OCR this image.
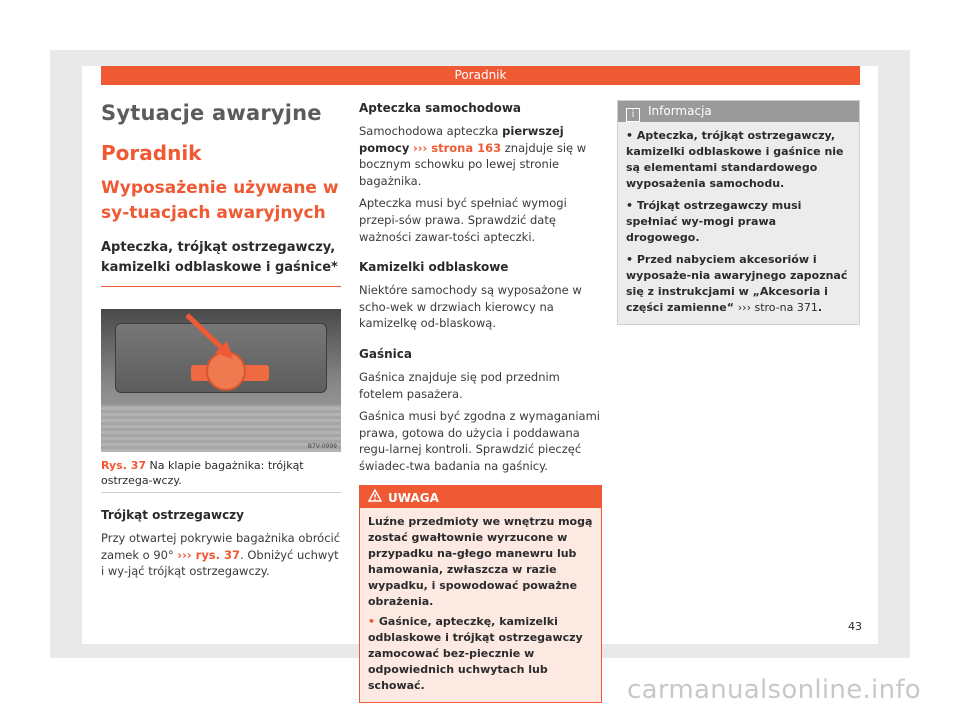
Poradnik
Sytuacje awaryjne
Poradnik
Wyposażenie używane w sy-tuacjach awaryjnych
Apteczka, trójkąt ostrzegawczy, kamizelki odblaskowe i gaśnice*
B7V-0999
Rys. 37 Na klapie bagażnika: trójkąt ostrzega-wczy.
Trójkąt ostrzegawczy
Przy otwartej pokrywie bagażnika obrócić zamek o 90° ››› rys. 37. Obniżyć uchwyt i wy-jąć trójkąt ostrzegawczy.
Apteczka samochodowa
Samochodowa apteczka pierwszej pomocy ››› strona 163 znajduje się w bocznym schowku po lewej stronie bagażnika.
Apteczka musi być spełniać wymogi przepi-sów prawa. Sprawdzić datę ważności zawar-tości apteczki.
Kamizelki odblaskowe
Niektóre samochody są wyposażone w scho-wek w drzwiach kierowcy na kamizelkę od-blaskową.
Gaśnica
Gaśnica znajduje się pod przednim fotelem pasażera.
Gaśnica musi być zgodna z wymaganiami prawa, gotowa do użycia i poddawana regu-larnej kontroli. Sprawdzić pieczęć świadec-twa badania na gaśnicy.
UWAGA
Luźne przedmioty we wnętrzu mogą zostać gwałtownie wyrzucone w przypadku na-głego manewru lub hamowania, zwłaszcza w razie wypadku, i spowodować poważne obrażenia.
• Gaśnice, apteczkę, kamizelki odblaskowe i trójkąt ostrzegawczy zamocować bez-piecznie w odpowiednich uchwytach lub schować.
i Informacja
• Apteczka, trójkąt ostrzegawczy, kamizelki odblaskowe i gaśnice nie są elementami standardowego wyposażenia samochodu.
• Trójkąt ostrzegawczy musi spełniać wy-mogi prawa drogowego.
• Przed nabyciem akcesoriów i wyposaże-nia awaryjnego zapoznać się z instrukcjami w „Akcesoria i części zamienne“ ››› stro-na 371.
43
carmanualsonline.info
